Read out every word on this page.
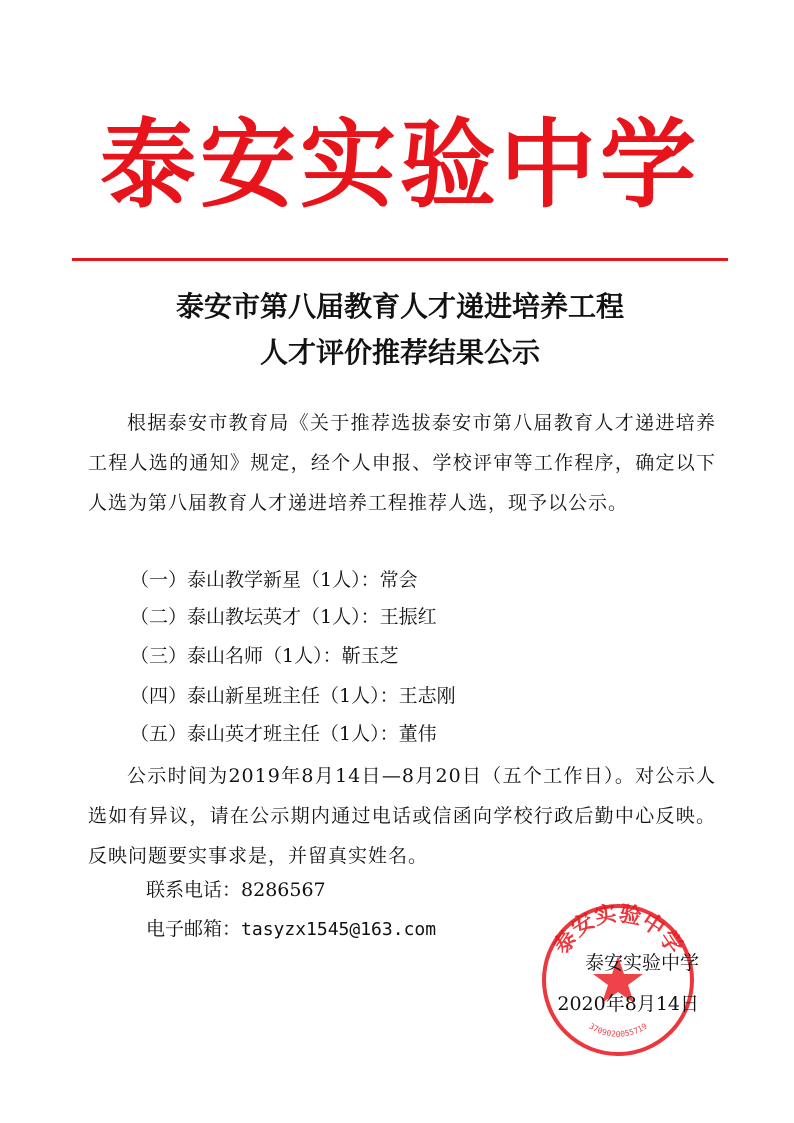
泰安实验中学
泰安市第八届教育人才递进培养工程
人才评价推荐结果公示
根据泰安市教育局《关于推荐选拔泰安市第八届教育人才递进培养工程人选的通知》规定，经个人申报、学校评审等工作程序，确定以下人选为第八届教育人才递进培养工程推荐人选，现予以公示。
（一）泰山教学新星（1人）：常会
（二）泰山教坛英才（1人）：王振红
（三）泰山名师（1人）：靳玉芝
（四）泰山新星班主任（1人）：王志刚
（五）泰山英才班主任（1人）：董伟
公示时间为2019年8月14日—8月20日（五个工作日）。对公示人选如有异议，请在公示期内通过电话或信函向学校行政后勤中心反映。反映问题要实事求是，并留真实姓名。
联系电话：8286567
电子邮箱：tasyzx1545@163.com	泰安实验中学
3709020055719
泰安实验中学
2020年8月14日
